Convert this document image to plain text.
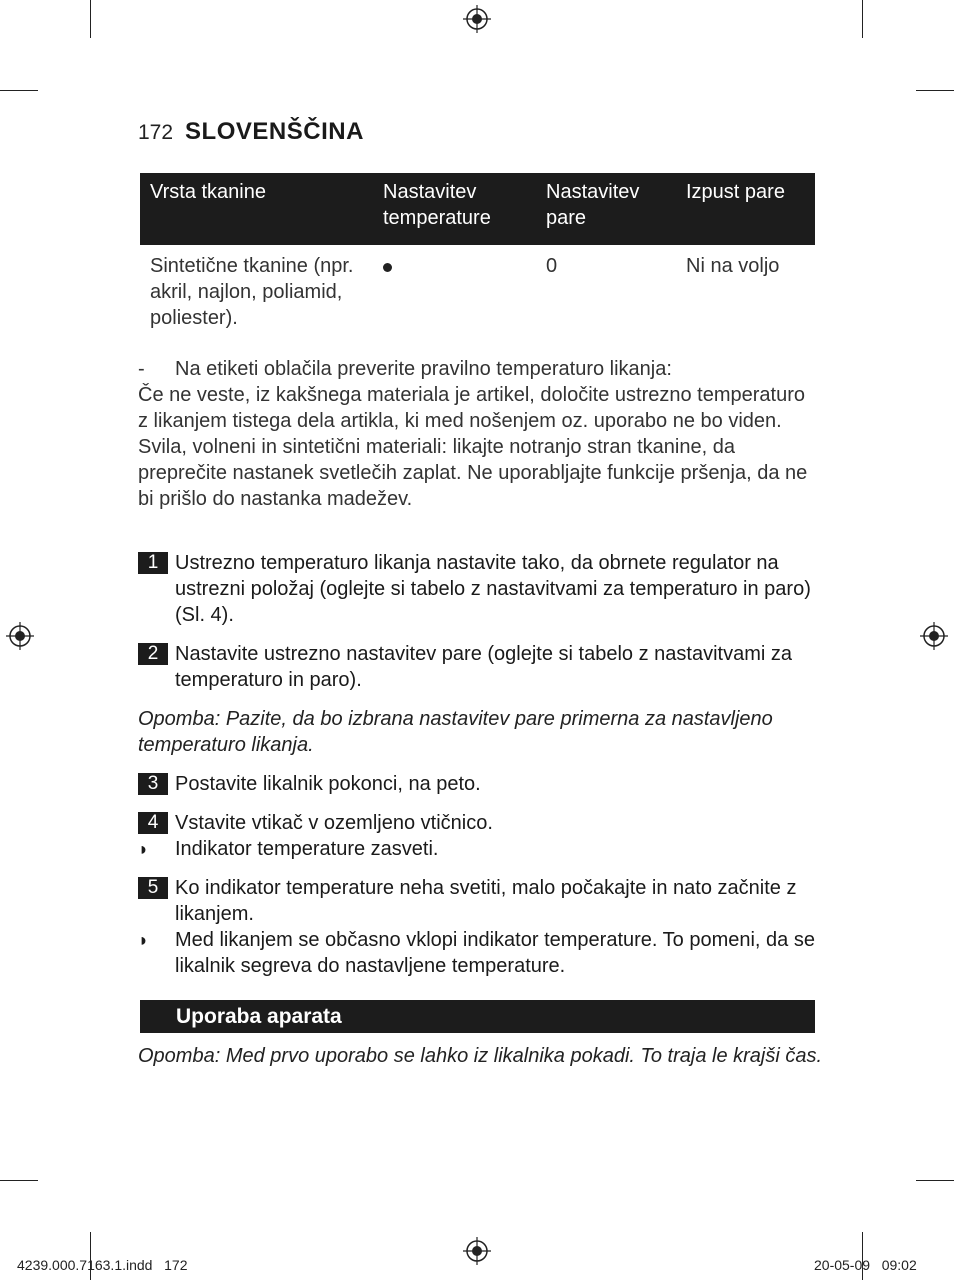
172 SLOVENŠČINA
Vrsta tkanine	Nastavitev temperature	Nastavitev pare	Izpust pare
Sintetične tkanine (npr. akril, najlon, poliamid, poliester).		0	Ni na voljo
-	Na etiketi oblačila preverite pravilno temperaturo likanja:

Če ne veste, iz kakšnega materiala je artikel, določite ustrezno temperaturo z likanjem tistega dela artikla, ki med nošenjem oz. uporabo ne bo viden.

Svila, volneni in sintetični materiali: likajte notranjo stran tkanine, da preprečite nastanek svetlečih zaplat. Ne uporabljajte funkcije pršenja, da ne bi prišlo do nastanka madežev.

1 Ustrezno temperaturo likanja nastavite tako, da obrnete regulator na ustrezni položaj (oglejte si tabelo z nastavitvami za temperaturo in paro) (Sl. 4).
2 Nastavite ustrezno nastavitev pare (oglejte si tabelo z nastavitvami za temperaturo in paro).
Opomba: Pazite, da bo izbrana nastavitev pare primerna za nastavljeno temperaturo likanja.
3 Postavite likalnik pokonci, na peto.
4 Vstavite vtikač v ozemljeno vtičnico.
◗	Indikator temperature zasveti.
5 Ko indikator temperature neha svetiti, malo počakajte in nato začnite z likanjem.
◗	Med likanjem se občasno vklopi indikator temperature. To pomeni, da se likalnik segreva do nastavljene temperature.
Uporaba aparata
Opomba: Med prvo uporabo se lahko iz likalnika pokadi. To traja le krajši čas.
4239.000.7163.1.indd   172	20-05-09   09:02
